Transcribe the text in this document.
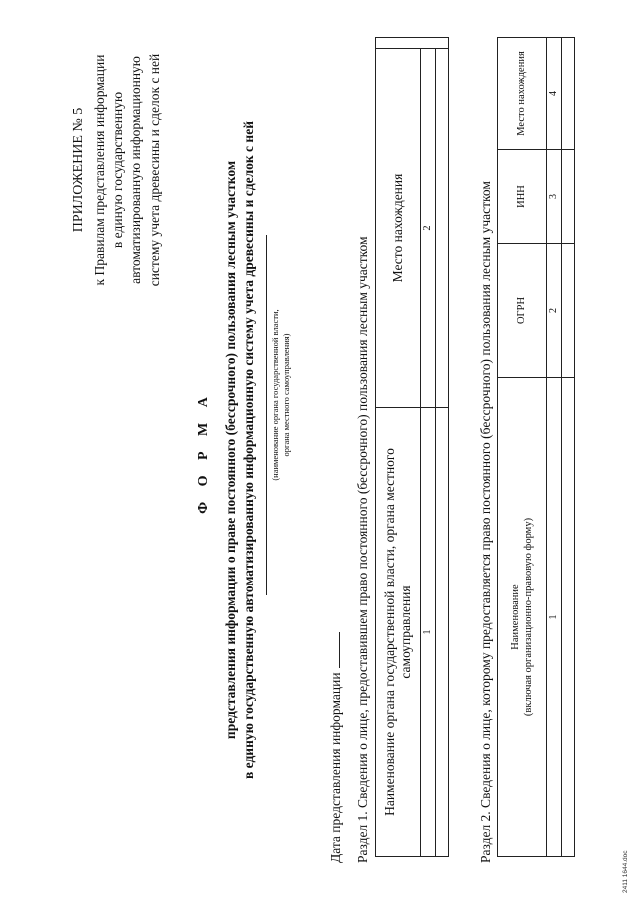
ПРИЛОЖЕНИЕ № 5 к Правилам представления информации в единую государственную автоматизированную информационную систему учета древесины и сделок с ней
Ф О Р М А представления информации о праве постоянного (бессрочного) пользования лесным участком в единую государственную автоматизированную информационную систему учета древесины и сделок с ней (наименование органа государственной власти, органа местного самоуправления)
Дата представления информации Раздел 1. Сведения о лице, предоставившем право постоянного (бессрочного) пользования лесным участком Наименование органа государственной власти, органа местного самоуправления	Место нахождения	
1	2	
		Раздел 2. Сведения о лице, которому предоставляется право постоянного (бессрочного) пользования лесным участком Наименование (включая организационно-правовую форму)	ОГРН	ИНН	Место нахождения
1	2	3	4

2411 1644.doc
